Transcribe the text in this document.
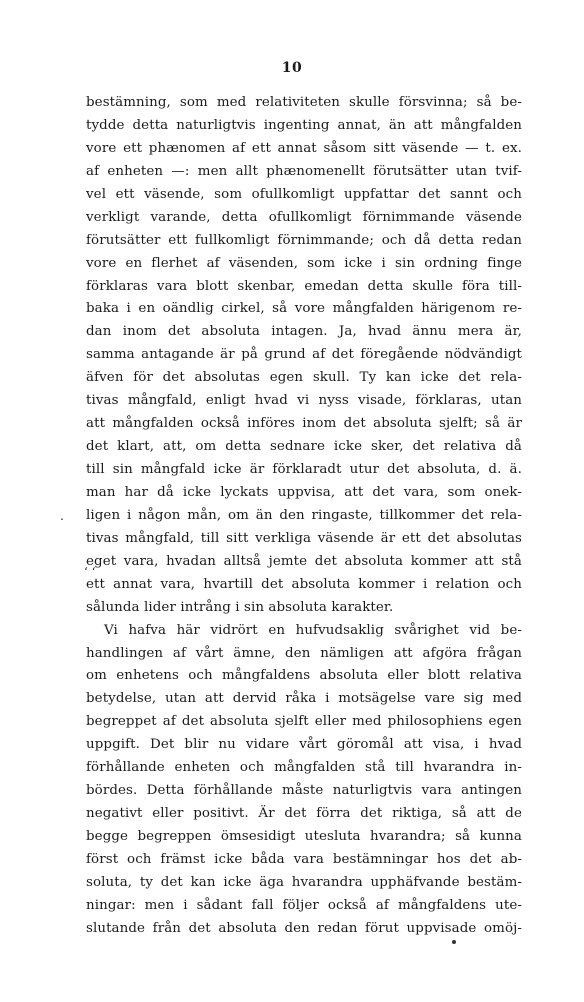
10
bestämning, som med relativiteten skulle försvinna; så be-
tydde detta naturligtvis ingenting annat, än att mångfalden
vore ett phænomen af ett annat såsom sitt väsende — t. ex.
af enheten —: men allt phænomenellt förutsätter utan tvif-
vel ett väsende, som ofullkomligt uppfattar det sannt och
verkligt varande, detta ofullkomligt förnimmande väsende
förutsätter ett fullkomligt förnimmande; och då detta redan
vore en flerhet af väsenden, som icke i sin ordning finge
förklaras vara blott skenbar, emedan detta skulle föra till-
baka i en oändlig cirkel, så vore mångfalden härigenom re-
dan inom det absoluta intagen. Ja, hvad ännu mera är,
samma antagande är på grund af det föregående nödvändigt
äfven för det absolutas egen skull. Ty kan icke det rela-
tivas mångfald, enligt hvad vi nyss visade, förklaras, utan
att mångfalden också införes inom det absoluta sjelft; så är
det klart, att, om detta sednare icke sker, det relativa då
till sin mångfald icke är förklaradt utur det absoluta, d. ä.
man har då icke lyckats uppvisa, att det vara, som onek-
ligen i någon mån, om än den ringaste, tillkommer det rela-
tivas mångfald, till sitt verkliga väsende är ett det absolutas
eget vara, hvadan alltså jemte det absoluta kommer att stå
ett annat vara, hvartill det absoluta kommer i relation och
sålunda lider intrång i sin absoluta karakter.
Vi hafva här vidrört en hufvudsaklig svårighet vid be-
handlingen af vårt ämne, den nämligen att afgöra frågan
om enhetens och mångfaldens absoluta eller blott relativa
betydelse, utan att dervid råka i motsägelse vare sig med
begreppet af det absoluta sjelft eller med philosophiens egen
uppgift. Det blir nu vidare vårt göromål att visa, i hvad
förhållande enheten och mångfalden stå till hvarandra in-
bördes. Detta förhållande måste naturligtvis vara antingen
negativt eller positivt. Är det förra det riktiga, så att de
begge begreppen ömsesidigt utesluta hvarandra; så kunna
först och främst icke båda vara bestämningar hos det ab-
soluta, ty det kan icke äga hvarandra upphäfvande bestäm-
ningar: men i sådant fall följer också af mångfaldens ute-
slutande från det absoluta den redan förut uppvisade omöj-
․
‘ ‘
